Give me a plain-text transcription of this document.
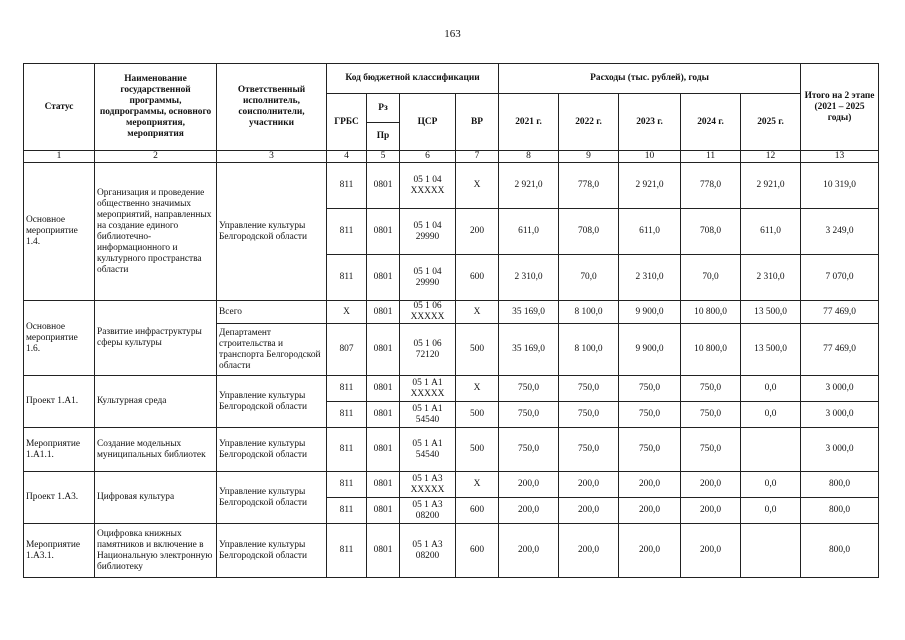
163
Статус	Наименование государственной программы, подпрограммы, основного мероприятия, мероприятия	Ответственный исполнитель, соисполнители, участники	Код бюджетной классификации				Расходы (тыс. рублей), годы					Итого на 2 этапе (2021 – 2025 годы)
			ГРБС	Рз	ЦСР	ВР	2021 г.	2022 г.	2023 г.	2024 г.	2025 г.	
				Пр								
1	2	3	4	5	6	7	8	9	10	11	12	13
Основное мероприятие 1.4.	Организация и проведение общественно значимых мероприятий, направленных на создание единого библиотечно-информационного и культурного пространства области	Управление культуры Белгородской области	811	0801	05 1 04 XXXXX	X	2 921,0	778,0	2 921,0	778,0	2 921,0	10 319,0
			811	0801	05 1 04 29990	200	611,0	708,0	611,0	708,0	611,0	3 249,0
			811	0801	05 1 04 29990	600	2 310,0	70,0	2 310,0	70,0	2 310,0	7 070,0
Основное мероприятие 1.6.	Развитие инфраструктуры сферы культуры	Всего	X	0801	05 1 06 XXXXX	X	35 169,0	8 100,0	9 900,0	10 800,0	13 500,0	77 469,0
		Департамент строительства и транспорта Белгородской области	807	0801	05 1 06 72120	500	35 169,0	8 100,0	9 900,0	10 800,0	13 500,0	77 469,0
Проект 1.А1.	Культурная среда	Управление культуры Белгородской области	811	0801	05 1 А1 XXXXX	X	750,0	750,0	750,0	750,0	0,0	3 000,0
			811	0801	05 1 А1 54540	500	750,0	750,0	750,0	750,0	0,0	3 000,0
Мероприятие 1.А1.1.	Создание модельных муниципальных библиотек	Управление культуры Белгородской области	811	0801	05 1 А1 54540	500	750,0	750,0	750,0	750,0		3 000,0
Проект 1.А3.	Цифровая культура	Управление культуры Белгородской области	811	0801	05 1 А3 XXXXX	X	200,0	200,0	200,0	200,0	0,0	800,0
			811	0801	05 1 А3 08200	600	200,0	200,0	200,0	200,0	0,0	800,0
Мероприятие 1.А3.1.	Оцифровка книжных памятников и включение в Национальную электронную библиотеку	Управление культуры Белгородской области	811	0801	05 1 А3 08200	600	200,0	200,0	200,0	200,0		800,0
